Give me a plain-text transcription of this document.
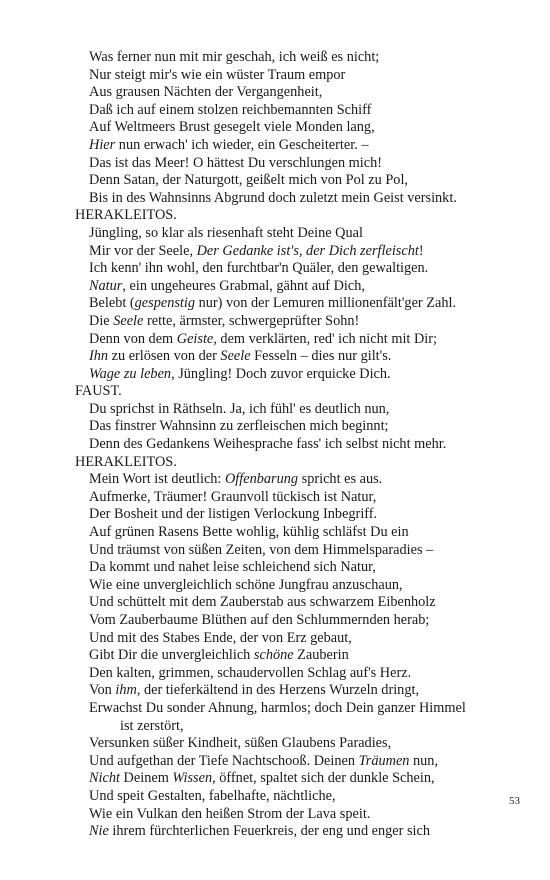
Was ferner nun mit mir geschah, ich weiß es nicht;
Nur steigt mir's wie ein wüster Traum empor
Aus grausen Nächten der Vergangenheit,
Daß ich auf einem stolzen reichbemannten Schiff
Auf Weltmeers Brust gesegelt viele Monden lang,
Hier nun erwach' ich wieder, ein Gescheiterter. –
Das ist das Meer! O hättest Du verschlungen mich!
Denn Satan, der Naturgott, geißelt mich von Pol zu Pol,
Bis in des Wahnsinns Abgrund doch zuletzt mein Geist versinkt.
HERAKLEITOS.
Jüngling, so klar als riesenhaft steht Deine Qual
Mir vor der Seele, Der Gedanke ist's, der Dich zerfleischt!
Ich kenn' ihn wohl, den furchtbar'n Quäler, den gewaltigen.
Natur, ein ungeheures Grabmal, gähnt auf Dich,
Belebt (gespenstig nur) von der Lemuren millionenfält'ger Zahl.
Die Seele rette, ärmster, schwergeprüfter Sohn!
Denn von dem Geiste, dem verklärten, red' ich nicht mit Dir;
Ihn zu erlösen von der Seele Fesseln – dies nur gilt's.
Wage zu leben, Jüngling! Doch zuvor erquicke Dich.
FAUST.
Du sprichst in Räthseln. Ja, ich fühl' es deutlich nun,
Das finstrer Wahnsinn zu zerfleischen mich beginnt;
Denn des Gedankens Weihesprache fass' ich selbst nicht mehr.
HERAKLEITOS.
Mein Wort ist deutlich: Offenbarung spricht es aus.
Aufmerke, Träumer! Graunvoll tückisch ist Natur,
Der Bosheit und der listigen Verlockung Inbegriff.
Auf grünen Rasens Bette wohlig, kühlig schläfst Du ein
Und träumst von süßen Zeiten, von dem Himmelsparadies –
Da kommt und nahet leise schleichend sich Natur,
Wie eine unvergleichlich schöne Jungfrau anzuschaun,
Und schüttelt mit dem Zauberstab aus schwarzem Eibenholz
Vom Zauberbaume Blüthen auf den Schlummernden herab;
Und mit des Stabes Ende, der von Erz gebaut,
Gibt Dir die unvergleichlich schöne Zauberin
Den kalten, grimmen, schaudervollen Schlag auf's Herz.
Von ihm, der tieferkältend in des Herzens Wurzeln dringt,
Erwachst Du sonder Ahnung, harmlos; doch Dein ganzer Himmel
ist zerstört,
Versunken süßer Kindheit, süßen Glaubens Paradies,
Und aufgethan der Tiefe Nachtschooß. Deinen Träumen nun,
Nicht Deinem Wissen, öffnet, spaltet sich der dunkle Schein,
Und speit Gestalten, fabelhafte, nächtliche,
Wie ein Vulkan den heißen Strom der Lava speit.
Nie ihrem fürchterlichen Feuerkreis, der eng und enger sich
53
